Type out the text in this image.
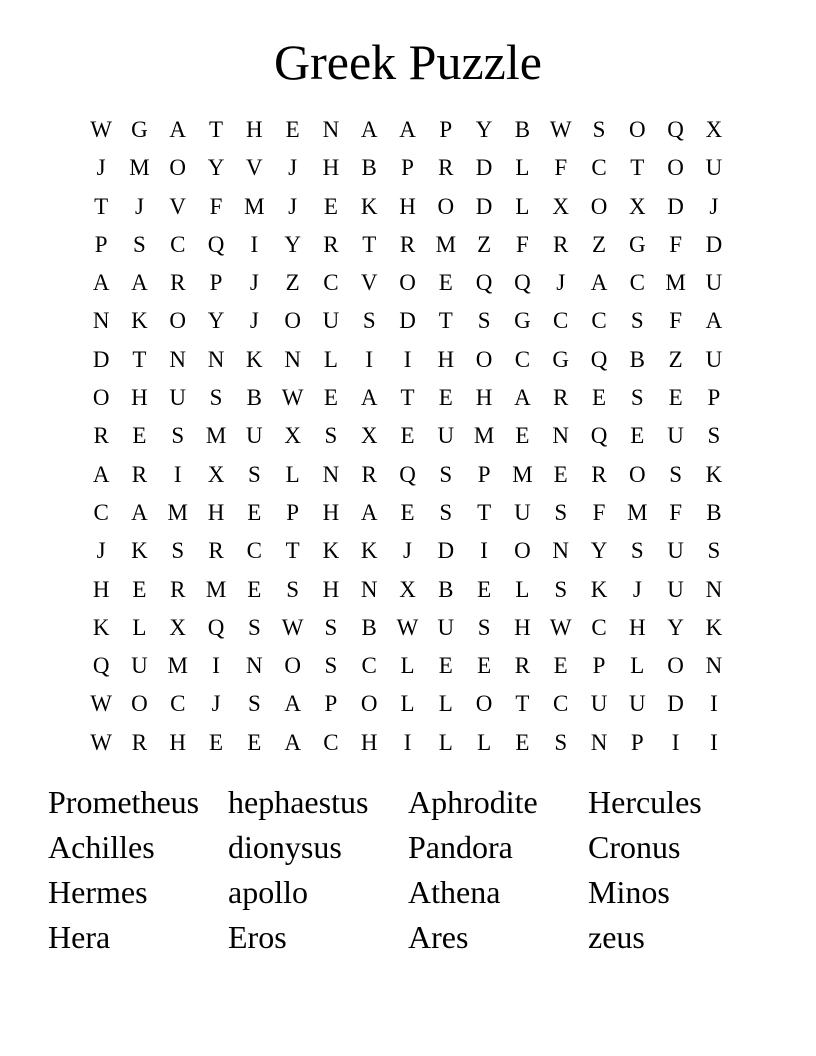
Greek Puzzle
W G A T H E N A A	P	Y B W S	O Q X
J	M O Y V	J	H B	P	R D L	F	C	T O U
T	J	V	F M	J	E K H O D L X O X D	J
P	S	C Q	I	Y R	T	R M Z	F	R	Z G	F	D
A A R	P	J	Z	C V O E Q Q	J	A C M U
N K O Y	J	O U	S	D T	S	G C C	S	F	A
D T N N K N L	I	I	H O C G Q B	Z U
O H U	S	B W E A T	E H A R	E	S	E	P
R	E	S M U X	S	X E U M E N Q E U	S
A R	I	X	S	L N R Q	S	P M E	R O	S	K
C A M H E	P	H A E	S	T U	S	F M F	B
J	K	S	R C	T K K	J	D	I	O N Y	S	U	S
H E	R M E	S	H N X B	E	L	S	K	J	U N
K L X Q	S W S	B W U	S	H W C H Y K
Q U M	I	N O	S	C	L	E	E	R	E	P	L O N
W O C	J	S	A	P	O L	L O T	C U U D	I
W R H E	E A C H	I	L	L	E	S	N	P	I	I
Prometheus hephaestus	Aphrodite	Hercules
Achilles	dionysus	Pandora	Cronus
Hermes	apollo	Athena	Minos
Hera	Eros	Ares	zeus
